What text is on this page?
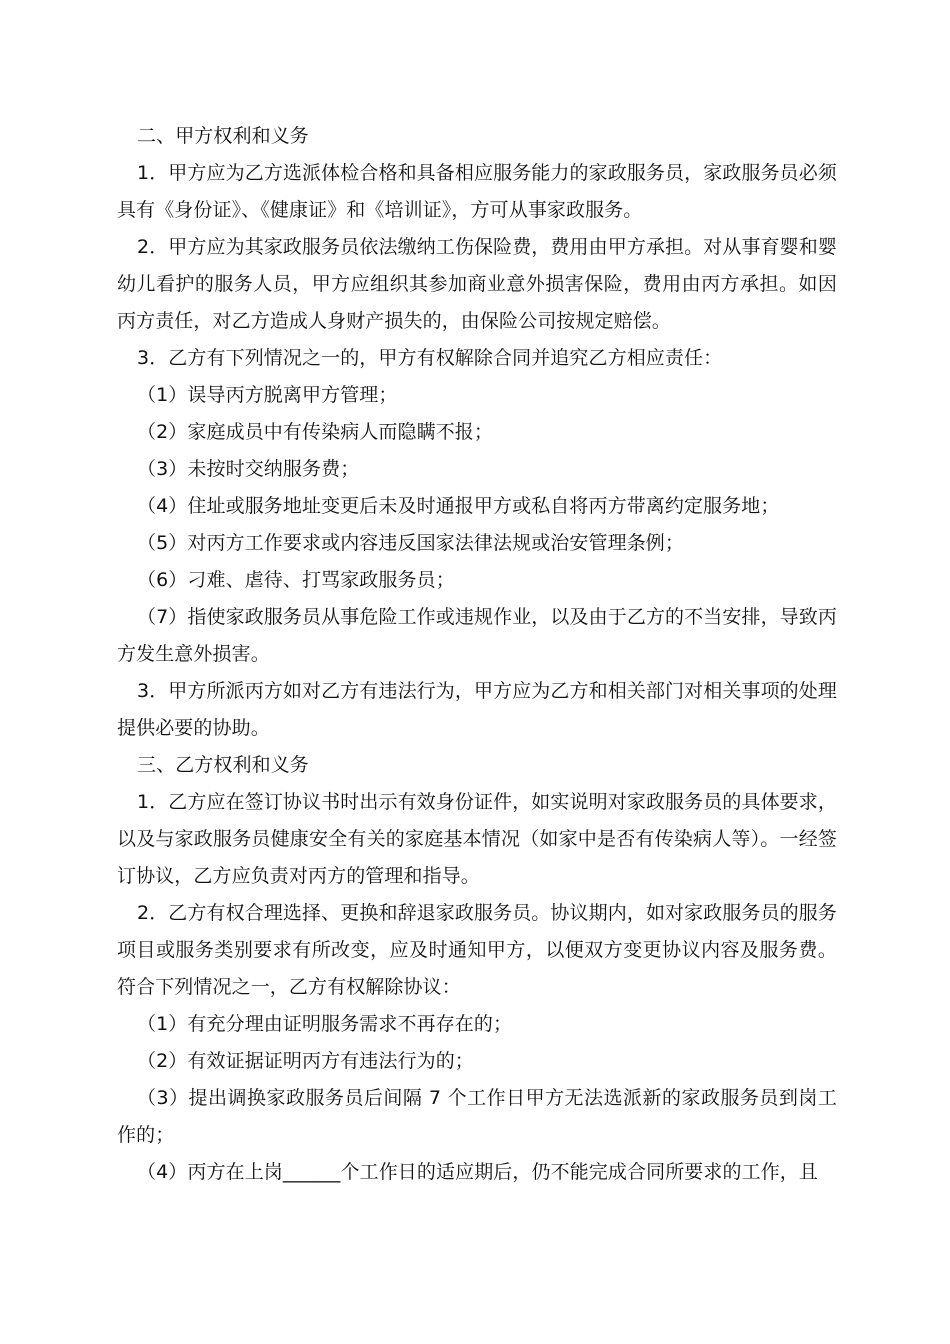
二、甲方权利和义务

1．甲方应为乙方选派体检合格和具备相应服务能力的家政服务员，家政服务员必须具有《身份证》、《健康证》和《培训证》，方可从事家政服务。

2．甲方应为其家政服务员依法缴纳工伤保险费，费用由甲方承担。对从事育婴和婴幼儿看护的服务人员，甲方应组织其参加商业意外损害保险，费用由丙方承担。如因丙方责任，对乙方造成人身财产损失的，由保险公司按规定赔偿。

3．乙方有下列情况之一的，甲方有权解除合同并追究乙方相应责任：

（1）误导丙方脱离甲方管理；

（2）家庭成员中有传染病人而隐瞒不报；

（3）未按时交纳服务费；

（4）住址或服务地址变更后未及时通报甲方或私自将丙方带离约定服务地；

（5）对丙方工作要求或内容违反国家法律法规或治安管理条例；

（6）刁难、虐待、打骂家政服务员；

（7）指使家政服务员从事危险工作或违规作业，以及由于乙方的不当安排，导致丙方发生意外损害。

3．甲方所派丙方如对乙方有违法行为，甲方应为乙方和相关部门对相关事项的处理提供必要的协助。

三、乙方权利和义务

1．乙方应在签订协议书时出示有效身份证件，如实说明对家政服务员的具体要求，以及与家政服务员健康安全有关的家庭基本情况（如家中是否有传染病人等）。一经签订协议，乙方应负责对丙方的管理和指导。

2．乙方有权合理选择、更换和辞退家政服务员。协议期内，如对家政服务员的服务项目或服务类别要求有所改变，应及时通知甲方，以便双方变更协议内容及服务费。符合下列情况之一，乙方有权解除协议：

（1）有充分理由证明服务需求不再存在的；

（2）有效证据证明丙方有违法行为的；

（3）提出调换家政服务员后间隔 7 个工作日甲方无法选派新的家政服务员到岗工作的；

（4）丙方在上岗______个工作日的适应期后，仍不能完成合同所要求的工作，且
